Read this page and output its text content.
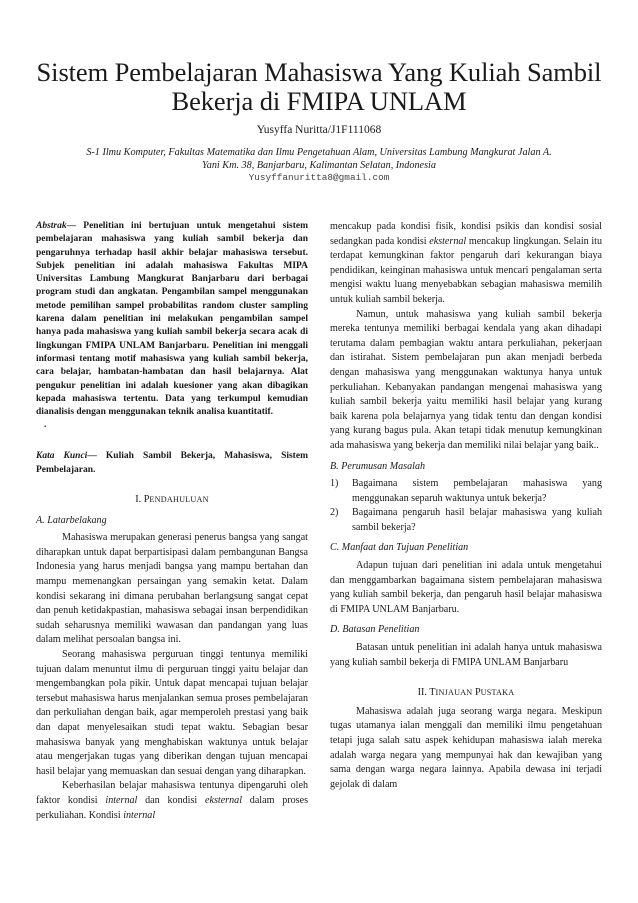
Sistem Pembelajaran Mahasiswa Yang Kuliah Sambil Bekerja di FMIPA UNLAM
Yusyffa Nuritta/J1F111068
S-1 Ilmu Komputer, Fakultas Matematika dan Ilmu Pengetahuan Alam, Universitas Lambung Mangkurat Jalan A. Yani Km. 38, Banjarbaru, Kalimantan Selatan, Indonesia
Yusyffanuritta8@gmail.com

Abstrak— Penelitian ini bertujuan untuk mengetahui sistem pembelajaran mahasiswa yang kuliah sambil bekerja dan pengaruhnya terhadap hasil akhir belajar mahasiswa tersebut. Subjek penelitian ini adalah mahasiswa Fakultas MIPA Universitas Lambung Mangkurat Banjarbaru dari berbagai program studi dan angkatan. Pengambilan sampel menggunakan metode pemilihan sampel probabilitas random cluster sampling karena dalam penelitian ini melakukan pengambilan sampel hanya pada mahasiswa yang kuliah sambil bekerja secara acak di lingkungan FMIPA UNLAM Banjarbaru. Penelitian ini menggali informasi tentang motif mahasiswa yang kuliah sambil bekerja, cara belajar, hambatan-hambatan dan hasil belajarnya. Alat pengukur penelitian ini adalah kuesioner yang akan dibagikan kepada mahasiswa tertentu. Data yang terkumpul kemudian dianalisis dengan menggunakan teknik analisa kuantitatif.

.

Kata Kunci— Kuliah Sambil Bekerja, Mahasiswa, Sistem Pembelajaran.

I. PENDAHULUAN
A. Latarbelakang

Mahasiswa merupakan generasi penerus bangsa yang sangat diharapkan untuk dapat berpartisipasi dalam pembangunan Bangsa Indonesia yang harus menjadi bangsa yang mampu bertahan dan mampu memenangkan persaingan yang semakin ketat. Dalam kondisi sekarang ini dimana perubahan berlangsung sangat cepat dan penuh ketidakpastian, mahasiswa sebagai insan berpendidikan sudah seharusnya memiliki wawasan dan pandangan yang luas dalam melihat persoalan bangsa ini.

Seorang mahasiswa perguruan tinggi tentunya memiliki tujuan dalam menuntut ilmu di perguruan tinggi yaitu belajar dan mengembangkan pola pikir. Untuk dapat mencapai tujuan belajar tersebut mahasiswa harus menjalankan semua proses pembelajaran dan perkuliahan dengan baik, agar memperoleh prestasi yang baik dan dapat menyelesaikan studi tepat waktu. Sebagian besar mahasiswa banyak yang menghabiskan waktunya untuk belajar atau mengerjakan tugas yang diberikan dengan tujuan mencapai hasil belajar yang memuaskan dan sesuai dengan yang diharapkan.

Keberhasilan belajar mahasiswa tentunya dipengaruhi oleh faktor kondisi internal dan kondisi eksternal dalam proses perkuliahan. Kondisi internal

mencakup pada kondisi fisik, kondisi psikis dan kondisi sosial sedangkan pada kondisi eksternal mencakup lingkungan. Selain itu terdapat kemungkinan faktor pengaruh dari kekurangan biaya pendidikan, keinginan mahasiswa untuk mencari pengalaman serta mengisi waktu luang menyebabkan sebagian mahasiswa memilih untuk kuliah sambil bekerja.

Namun, untuk mahasiswa yang kuliah sambil bekerja mereka tentunya memiliki berbagai kendala yang akan dihadapi terutama dalam pembagian waktu antara perkuliahan, pekerjaan dan istirahat. Sistem pembelajaran pun akan menjadi berbeda dengan mahasiswa yang menggunakan waktunya hanya untuk perkuliahan. Kebanyakan pandangan mengenai mahasiswa yang kuliah sambil bekerja yaitu memiliki hasil belajar yang kurang baik karena pola belajarnya yang tidak tentu dan dengan kondisi yang kurang bagus pula. Akan tetapi tidak menutup kemungkinan ada mahasiswa yang bekerja dan memiliki nilai belajar yang baik..

B. Perumusan Masalah
1)	Bagaimana sistem pembelajaran mahasiswa yang menggunakan separuh waktunya untuk bekerja?
2)	Bagaimana pengaruh hasil belajar mahasiswa yang kuliah sambil bekerja?
C. Manfaat dan Tujuan Penelitian

Adapun tujuan dari penelitian ini adala untuk mengetahui dan menggambarkan bagaimana sistem pembelajaran mahasiswa yang kuliah sambil bekerja, dan pengaruh hasil belajar mahasiswa di FMIPA UNLAM Banjarbaru.

D. Batasan Penelitian

Batasan untuk penelitian ini adalah hanya untuk mahasiswa yang kuliah sambil bekerja di FMIPA UNLAM Banjarbaru

II. TINJAUAN PUSTAKA

Mahasiswa adalah juga seorang warga negara. Meskipun tugas utamanya ialan menggali dan memiliki ilmu pengetahuan tetapi juga salah satu aspek kehidupan mahasiswa ialah mereka adalah warga negara yang mempunyai hak dan kewajiban yang sama dengan warga negara lainnya. Apabila dewasa ini terjadi gejolak di dalam
